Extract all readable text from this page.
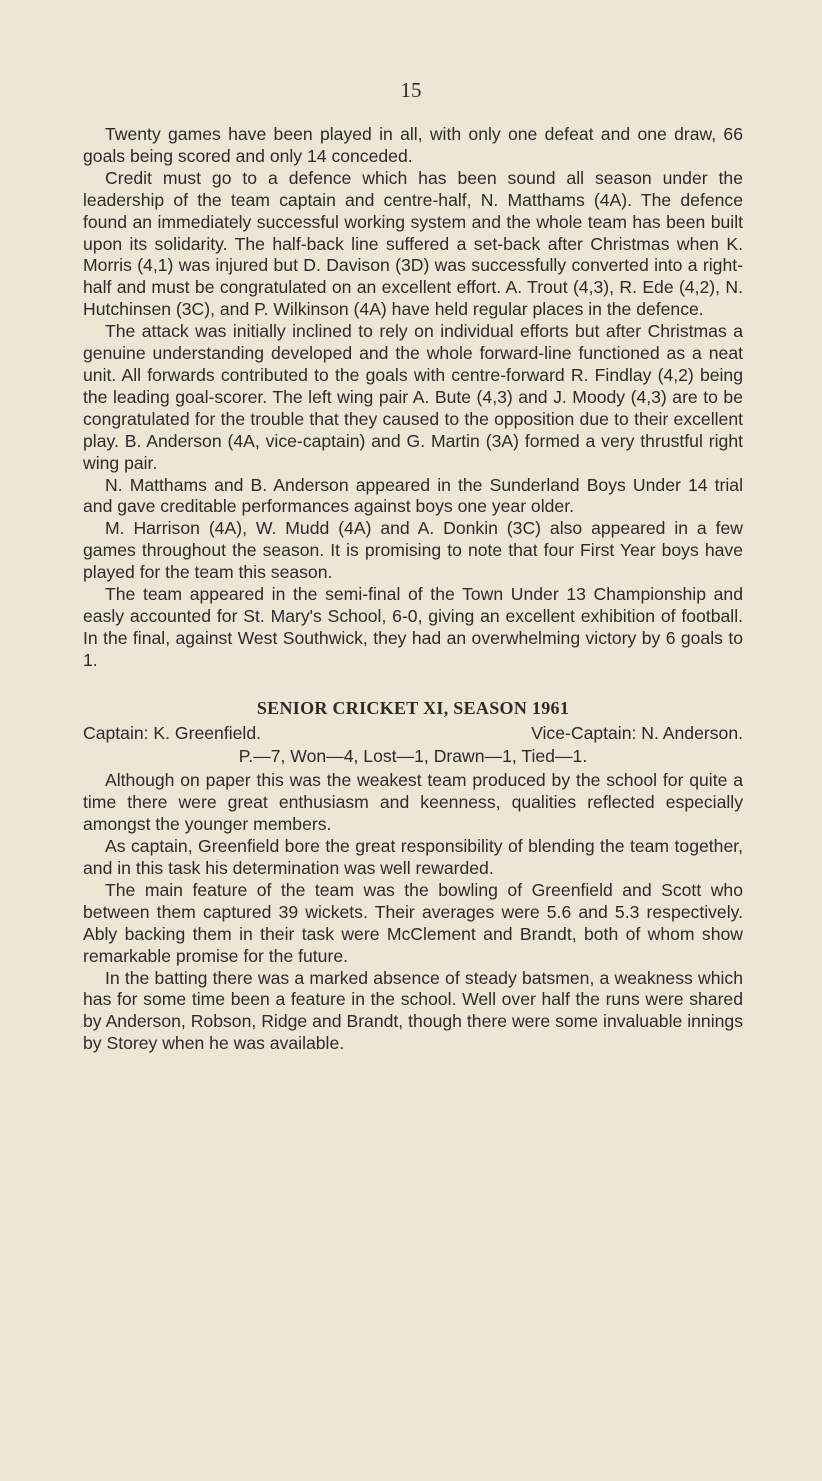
15

Twenty games have been played in all, with only one defeat and one draw, 66 goals being scored and only 14 conceded.

Credit must go to a defence which has been sound all season under the leadership of the team captain and centre-half, N. Matthams (4A). The defence found an immediately successful working system and the whole team has been built upon its solidarity. The half-back line suffered a set-back after Christmas when K. Morris (4,1) was injured but D. Davison (3D) was successfully converted into a right-half and must be congratulated on an excellent effort. A. Trout (4,3), R. Ede (4,2), N. Hutchinsen (3C), and P. Wilkinson (4A) have held regular places in the defence.

The attack was initially inclined to rely on individual efforts but after Christmas a genuine understanding developed and the whole forward-line functioned as a neat unit. All forwards contributed to the goals with centre-forward R. Findlay (4,2) being the leading goal-scorer. The left wing pair A. Bute (4,3) and J. Moody (4,3) are to be congratulated for the trouble that they caused to the opposition due to their excellent play. B. Anderson (4A, vice-captain) and G. Martin (3A) formed a very thrustful right wing pair.

N. Matthams and B. Anderson appeared in the Sunderland Boys Under 14 trial and gave creditable performances against boys one year older.

M. Harrison (4A), W. Mudd (4A) and A. Donkin (3C) also appeared in a few games throughout the season. It is promising to note that four First Year boys have played for the team this season.

The team appeared in the semi-final of the Town Under 13 Championship and easly accounted for St. Mary's School, 6-0, giving an excellent exhibition of football. In the final, against West Southwick, they had an overwhelming victory by 6 goals to 1.

SENIOR CRICKET XI, SEASON 1961
Captain: K. Greenfield.	Vice-Captain: N. Anderson.
P.—7, Won—4, Lost—1, Drawn—1, Tied—1.

Although on paper this was the weakest team produced by the school for quite a time there were great enthusiasm and keenness, qualities reflected especially amongst the younger members.

As captain, Greenfield bore the great responsibility of blending the team together, and in this task his determination was well rewarded.

The main feature of the team was the bowling of Greenfield and Scott who between them captured 39 wickets. Their averages were 5.6 and 5.3 respectively. Ably backing them in their task were McClement and Brandt, both of whom show remarkable promise for the future.

In the batting there was a marked absence of steady batsmen, a weakness which has for some time been a feature in the school. Well over half the runs were shared by Anderson, Robson, Ridge and Brandt, though there were some invaluable innings by Storey when he was available.
